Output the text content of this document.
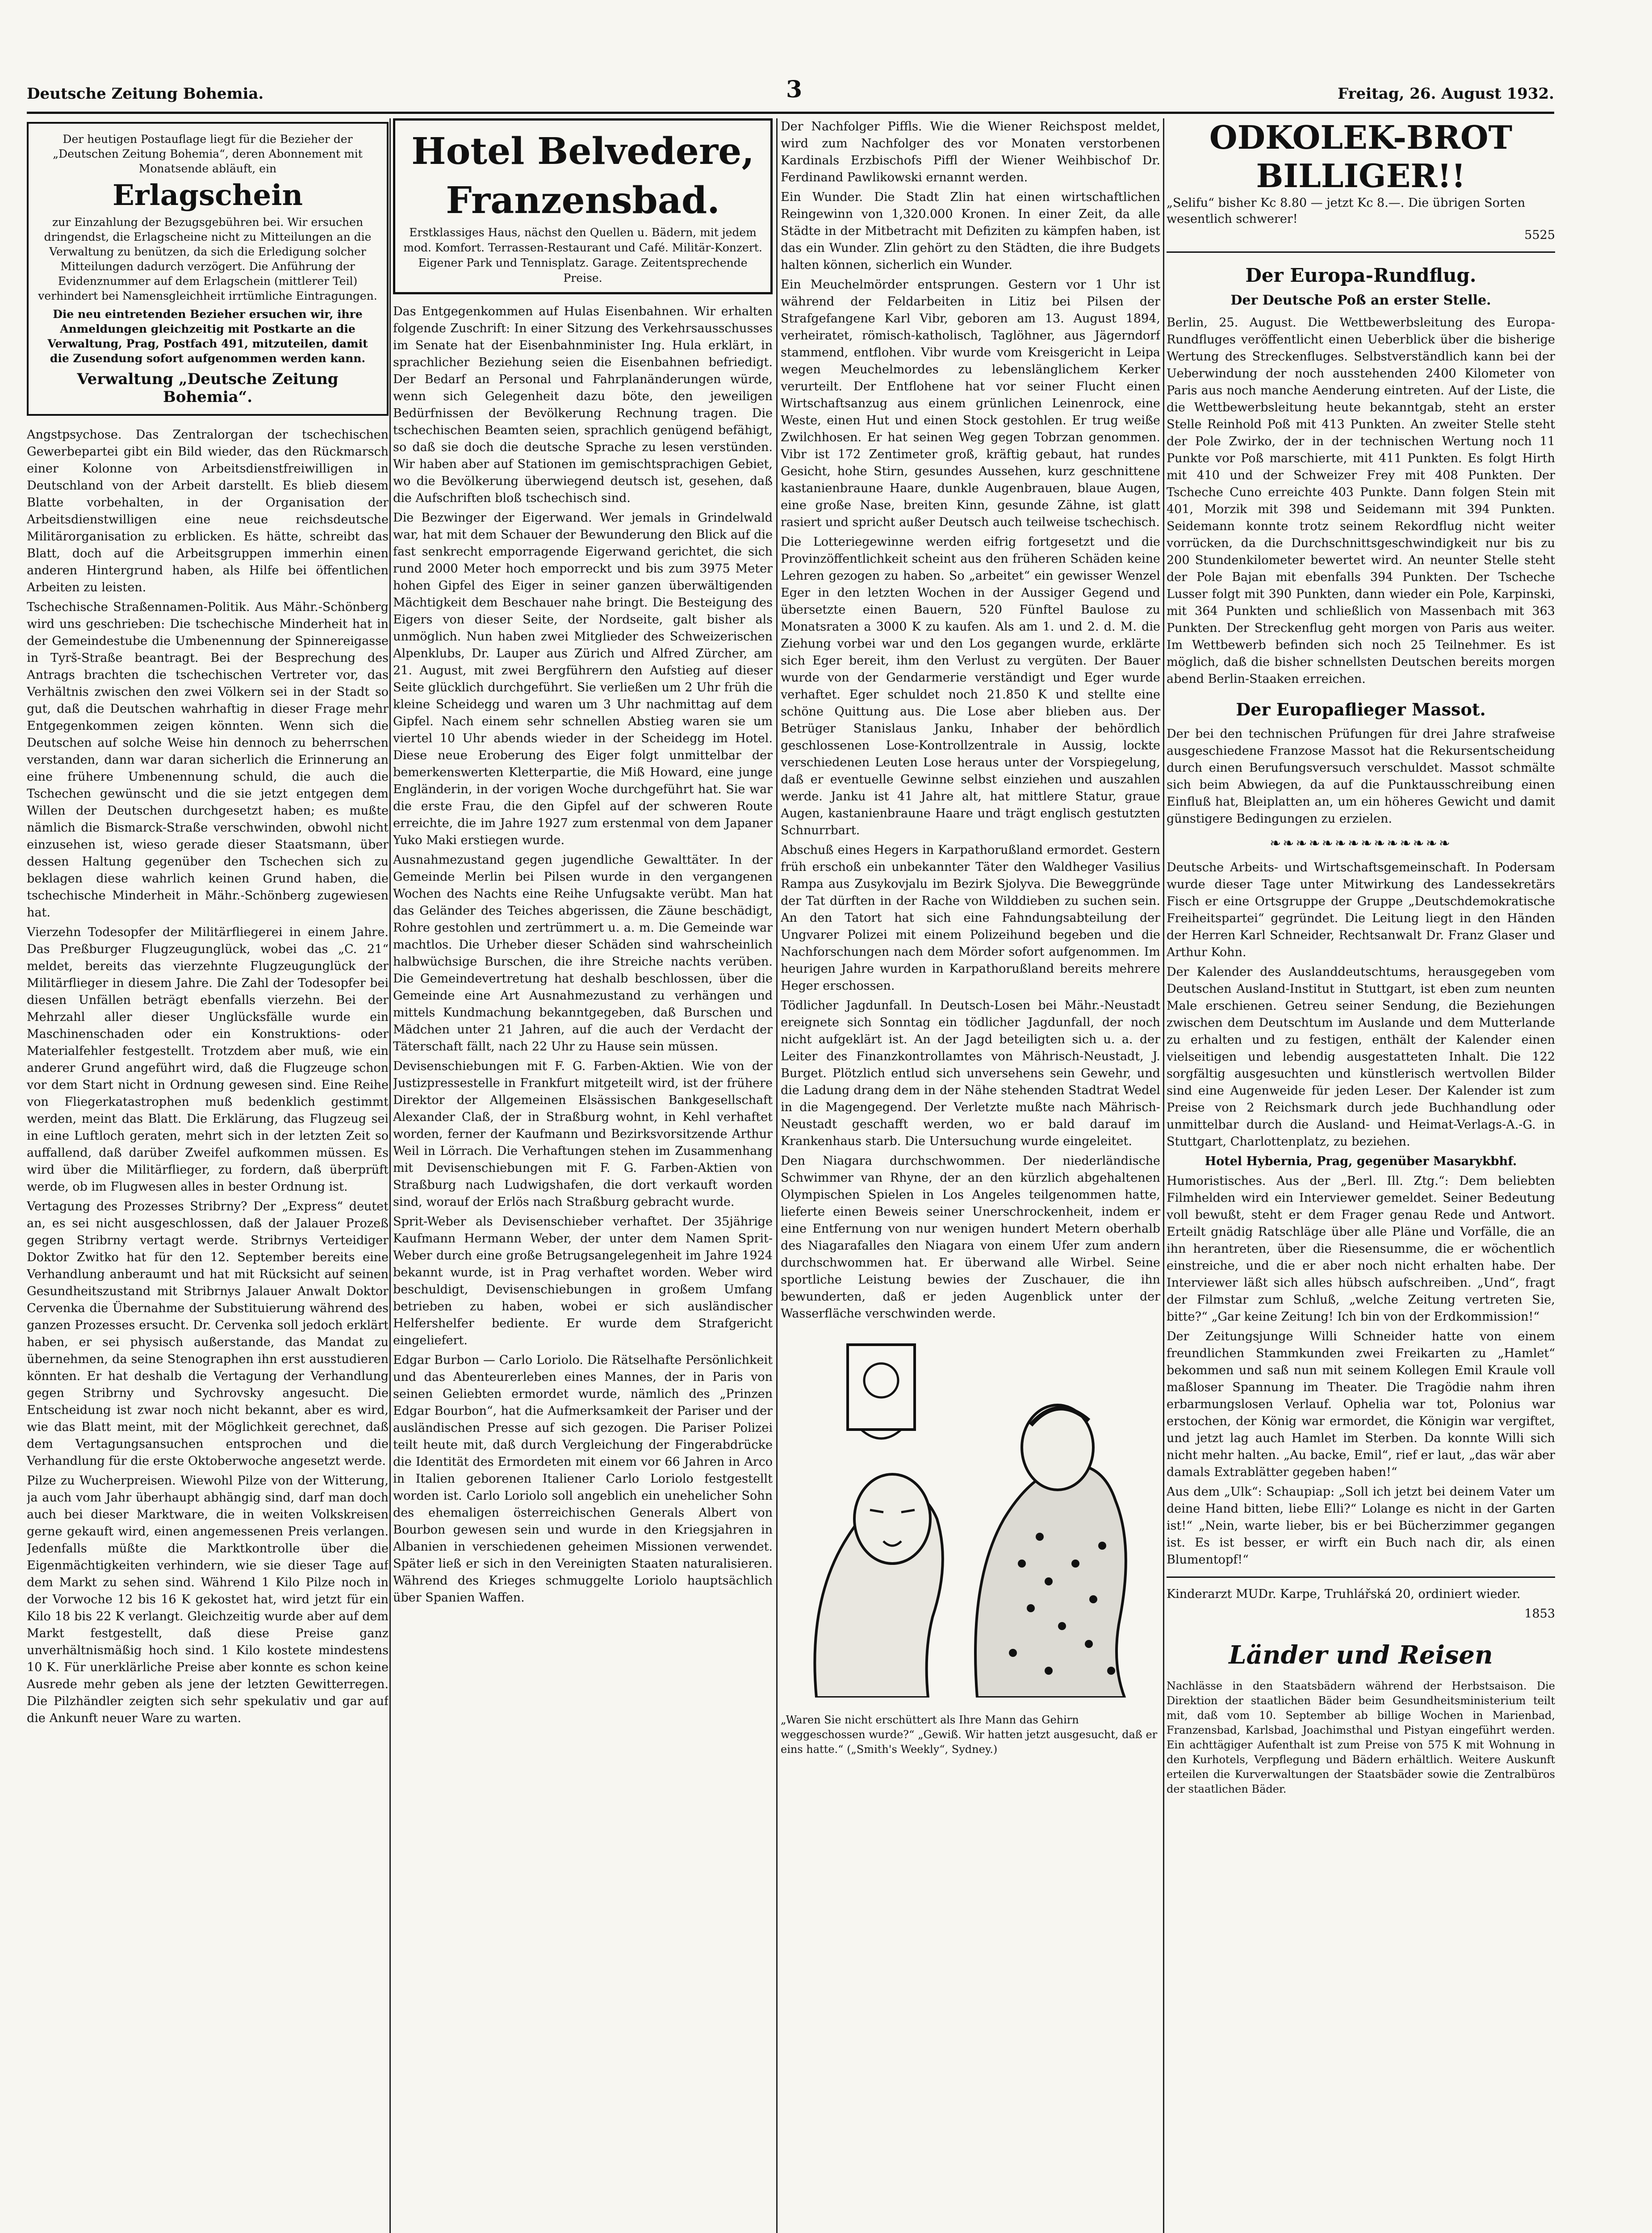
Deutsche Zeitung Bohemia.	3	Freitag, 26. August 1932.
Der heutigen Postauflage liegt für die Bezieher der „Deutschen Zeitung Bohemia“, deren Abonnement mit Monatsende abläuft, ein
Erlagschein
zur Einzahlung der Bezugsgebühren bei. Wir ersuchen dringendst, die Erlagscheine nicht zu Mitteilungen an die Verwaltung zu benützen, da sich die Erledigung solcher Mitteilungen dadurch verzögert. Die Anführung der Evidenznummer auf dem Erlagschein (mittlerer Teil) verhindert bei Namensgleichheit irrtümliche Eintragungen.
Die neu eintretenden Bezieher ersuchen wir, ihre Anmeldungen gleichzeitig mit Postkarte an die Verwaltung, Prag, Postfach 491, mitzuteilen, damit die Zusendung sofort aufgenommen werden kann.
Verwaltung „Deutsche Zeitung Bohemia“.

Angstpsychose. Das Zentralorgan der tschechischen Gewerbepartei gibt ein Bild wieder, das den Rückmarsch einer Kolonne von Arbeitsdienstfreiwilligen in Deutschland von der Arbeit darstellt. Es blieb diesem Blatte vorbehalten, in der Organisation der Arbeitsdienstwilligen eine neue reichsdeutsche Militärorganisation zu erblicken. Es hätte, schreibt das Blatt, doch auf die Arbeitsgruppen immerhin einen anderen Hintergrund haben, als Hilfe bei öffentlichen Arbeiten zu leisten.

Tschechische Straßennamen-Politik. Aus Mähr.-Schönberg wird uns geschrieben: Die tschechische Minderheit hat in der Gemeindestube die Umbenennung der Spinnereigasse in Tyrš-Straße beantragt. Bei der Besprechung des Antrags brachten die tschechischen Vertreter vor, das Verhältnis zwischen den zwei Völkern sei in der Stadt so gut, daß die Deutschen wahrhaftig in dieser Frage mehr Entgegenkommen zeigen könnten. Wenn sich die Deutschen auf solche Weise hin dennoch zu beherrschen verstanden, dann war daran sicherlich die Erinnerung an eine frühere Umbenennung schuld, die auch die Tschechen gewünscht und die sie jetzt entgegen dem Willen der Deutschen durchgesetzt haben; es mußte nämlich die Bismarck-Straße verschwinden, obwohl nicht einzusehen ist, wieso gerade dieser Staatsmann, über dessen Haltung gegenüber den Tschechen sich zu beklagen diese wahrlich keinen Grund haben, die tschechische Minderheit in Mähr.-Schönberg zugewiesen hat.

Vierzehn Todesopfer der Militärfliegerei in einem Jahre. Das Preßburger Flugzeugunglück, wobei das „C. 21“ meldet, bereits das vierzehnte Flugzeugunglück der Militärflieger in diesem Jahre. Die Zahl der Todesopfer bei diesen Unfällen beträgt ebenfalls vierzehn. Bei der Mehrzahl aller dieser Unglücksfälle wurde ein Maschinenschaden oder ein Konstruktions- oder Materialfehler festgestellt. Trotzdem aber muß, wie ein anderer Grund angeführt wird, daß die Flugzeuge schon vor dem Start nicht in Ordnung gewesen sind. Eine Reihe von Fliegerkatastrophen muß bedenklich gestimmt werden, meint das Blatt. Die Erklärung, das Flugzeug sei in eine Luftloch geraten, mehrt sich in der letzten Zeit so auffallend, daß darüber Zweifel aufkommen müssen. Es wird über die Militärflieger, zu fordern, daß überprüft werde, ob im Flugwesen alles in bester Ordnung ist.

Vertagung des Prozesses Stribrny? Der „Express“ deutet an, es sei nicht ausgeschlossen, daß der Jalauer Prozeß gegen Stribrny vertagt werde. Stribrnys Verteidiger Doktor Zwitko hat für den 12. September bereits eine Verhandlung anberaumt und hat mit Rücksicht auf seinen Gesundheitszustand mit Stribrnys Jalauer Anwalt Doktor Cervenka die Übernahme der Substituierung während des ganzen Prozesses ersucht. Dr. Cervenka soll jedoch erklärt haben, er sei physisch außerstande, das Mandat zu übernehmen, da seine Stenographen ihn erst ausstudieren könnten. Er hat deshalb die Vertagung der Verhandlung gegen Stribrny und Sychrovsky angesucht. Die Entscheidung ist zwar noch nicht bekannt, aber es wird, wie das Blatt meint, mit der Möglichkeit gerechnet, daß dem Vertagungsansuchen entsprochen und die Verhandlung für die erste Oktoberwoche angesetzt werde.

Pilze zu Wucherpreisen. Wiewohl Pilze von der Witterung, ja auch vom Jahr überhaupt abhängig sind, darf man doch auch bei dieser Marktware, die in weiten Volkskreisen gerne gekauft wird, einen angemessenen Preis verlangen. Jedenfalls müßte die Marktkontrolle über die Eigenmächtigkeiten verhindern, wie sie dieser Tage auf dem Markt zu sehen sind. Während 1 Kilo Pilze noch in der Vorwoche 12 bis 16 K gekostet hat, wird jetzt für ein Kilo 18 bis 22 K verlangt. Gleichzeitig wurde aber auf dem Markt festgestellt, daß diese Preise ganz unverhältnismäßig hoch sind. 1 Kilo kostete mindestens 10 K. Für unerklärliche Preise aber konnte es schon keine Ausrede mehr geben als jene der letzten Gewitterregen. Die Pilzhändler zeigten sich sehr spekulativ und gar auf die Ankunft neuer Ware zu warten.

Hotel Belvedere, Franzensbad.
Erstklassiges Haus, nächst den Quellen u. Bädern, mit jedem mod. Komfort. Terrassen-Restaurant und Café. Militär-Konzert. Eigener Park und Tennisplatz. Garage. Zeitentsprechende Preise.

Das Entgegenkommen auf Hulas Eisenbahnen. Wir erhalten folgende Zuschrift: In einer Sitzung des Verkehrsausschusses im Senate hat der Eisenbahnminister Ing. Hula erklärt, in sprachlicher Beziehung seien die Eisenbahnen befriedigt. Der Bedarf an Personal und Fahrplanänderungen würde, wenn sich Gelegenheit dazu böte, den jeweiligen Bedürfnissen der Bevölkerung Rechnung tragen. Die tschechischen Beamten seien, sprachlich genügend befähigt, so daß sie doch die deutsche Sprache zu lesen verstünden. Wir haben aber auf Stationen im gemischtsprachigen Gebiet, wo die Bevölkerung überwiegend deutsch ist, gesehen, daß die Aufschriften bloß tschechisch sind.

Die Bezwinger der Eigerwand. Wer jemals in Grindelwald war, hat mit dem Schauer der Bewunderung den Blick auf die fast senkrecht emporragende Eigerwand gerichtet, die sich rund 2000 Meter hoch emporreckt und bis zum 3975 Meter hohen Gipfel des Eiger in seiner ganzen überwältigenden Mächtigkeit dem Beschauer nahe bringt. Die Besteigung des Eigers von dieser Seite, der Nordseite, galt bisher als unmöglich. Nun haben zwei Mitglieder des Schweizerischen Alpenklubs, Dr. Lauper aus Zürich und Alfred Zürcher, am 21. August, mit zwei Bergführern den Aufstieg auf dieser Seite glücklich durchgeführt. Sie verließen um 2 Uhr früh die kleine Scheidegg und waren um 3 Uhr nachmittag auf dem Gipfel. Nach einem sehr schnellen Abstieg waren sie um viertel 10 Uhr abends wieder in der Scheidegg im Hotel. Diese neue Eroberung des Eiger folgt unmittelbar der bemerkenswerten Kletterpartie, die Miß Howard, eine junge Engländerin, in der vorigen Woche durchgeführt hat. Sie war die erste Frau, die den Gipfel auf der schweren Route erreichte, die im Jahre 1927 zum erstenmal von dem Japaner Yuko Maki erstiegen wurde.

Ausnahmezustand gegen jugendliche Gewalttäter. In der Gemeinde Merlin bei Pilsen wurde in den vergangenen Wochen des Nachts eine Reihe Unfugsakte verübt. Man hat das Geländer des Teiches abgerissen, die Zäune beschädigt, Rohre gestohlen und zertrümmert u. a. m. Die Gemeinde war machtlos. Die Urheber dieser Schäden sind wahrscheinlich halbwüchsige Burschen, die ihre Streiche nachts verüben. Die Gemeindevertretung hat deshalb beschlossen, über die Gemeinde eine Art Ausnahmezustand zu verhängen und mittels Kundmachung bekanntgegeben, daß Burschen und Mädchen unter 21 Jahren, auf die auch der Verdacht der Täterschaft fällt, nach 22 Uhr zu Hause sein müssen.

Devisenschiebungen mit F. G. Farben-Aktien. Wie von der Justizpressestelle in Frankfurt mitgeteilt wird, ist der frühere Direktor der Allgemeinen Elsässischen Bankgesellschaft Alexander Claß, der in Straßburg wohnt, in Kehl verhaftet worden, ferner der Kaufmann und Bezirksvorsitzende Arthur Weil in Lörrach. Die Verhaftungen stehen im Zusammenhang mit Devisenschiebungen mit F. G. Farben-Aktien von Straßburg nach Ludwigshafen, die dort verkauft worden sind, worauf der Erlös nach Straßburg gebracht wurde.

Sprit-Weber als Devisenschieber verhaftet. Der 35jährige Kaufmann Hermann Weber, der unter dem Namen Sprit-Weber durch eine große Betrugsangelegenheit im Jahre 1924 bekannt wurde, ist in Prag verhaftet worden. Weber wird beschuldigt, Devisenschiebungen in großem Umfang betrieben zu haben, wobei er sich ausländischer Helfershelfer bediente. Er wurde dem Strafgericht eingeliefert.

Edgar Burbon — Carlo Loriolo. Die Rätselhafte Persönlichkeit und das Abenteurerleben eines Mannes, der in Paris von seinen Geliebten ermordet wurde, nämlich des „Prinzen Edgar Bourbon“, hat die Aufmerksamkeit der Pariser und der ausländischen Presse auf sich gezogen. Die Pariser Polizei teilt heute mit, daß durch Vergleichung der Fingerabdrücke die Identität des Ermordeten mit einem vor 66 Jahren in Arco in Italien geborenen Italiener Carlo Loriolo festgestellt worden ist. Carlo Loriolo soll angeblich ein unehelicher Sohn des ehemaligen österreichischen Generals Albert von Bourbon gewesen sein und wurde in den Kriegsjahren in Albanien in verschiedenen geheimen Missionen verwendet. Später ließ er sich in den Vereinigten Staaten naturalisieren. Während des Krieges schmuggelte Loriolo hauptsächlich über Spanien Waffen.

Der Nachfolger Piffls. Wie die Wiener Reichspost meldet, wird zum Nachfolger des vor Monaten verstorbenen Kardinals Erzbischofs Piffl der Wiener Weihbischof Dr. Ferdinand Pawlikowski ernannt werden.

Ein Wunder. Die Stadt Zlin hat einen wirtschaftlichen Reingewinn von 1,320.000 Kronen. In einer Zeit, da alle Städte in der Mitbetracht mit Defiziten zu kämpfen haben, ist das ein Wunder. Zlin gehört zu den Städten, die ihre Budgets halten können, sicherlich ein Wunder.

Ein Meuchelmörder entsprungen. Gestern vor 1 Uhr ist während der Feldarbeiten in Litiz bei Pilsen der Strafgefangene Karl Vibr, geboren am 13. August 1894, verheiratet, römisch-katholisch, Taglöhner, aus Jägerndorf stammend, entflohen. Vibr wurde vom Kreisgericht in Leipa wegen Meuchelmordes zu lebenslänglichem Kerker verurteilt. Der Entflohene hat vor seiner Flucht einen Wirtschaftsanzug aus einem grünlichen Leinenrock, eine Weste, einen Hut und einen Stock gestohlen. Er trug weiße Zwilchhosen. Er hat seinen Weg gegen Tobrzan genommen. Vibr ist 172 Zentimeter groß, kräftig gebaut, hat rundes Gesicht, hohe Stirn, gesundes Aussehen, kurz geschnittene kastanienbraune Haare, dunkle Augenbrauen, blaue Augen, eine große Nase, breiten Kinn, gesunde Zähne, ist glatt rasiert und spricht außer Deutsch auch teilweise tschechisch.

Die Lotteriegewinne werden eifrig fortgesetzt und die Provinzöffentlichkeit scheint aus den früheren Schäden keine Lehren gezogen zu haben. So „arbeitet“ ein gewisser Wenzel Eger in den letzten Wochen in der Aussiger Gegend und übersetzte einen Bauern, 520 Fünftel Baulose zu Monatsraten a 3000 K zu kaufen. Als am 1. und 2. d. M. die Ziehung vorbei war und den Los gegangen wurde, erklärte sich Eger bereit, ihm den Verlust zu vergüten. Der Bauer wurde von der Gendarmerie verständigt und Eger wurde verhaftet. Eger schuldet noch 21.850 K und stellte eine schöne Quittung aus. Die Lose aber blieben aus. Der Betrüger Stanislaus Janku, Inhaber der behördlich geschlossenen Lose-Kontrollzentrale in Aussig, lockte verschiedenen Leuten Lose heraus unter der Vorspiegelung, daß er eventuelle Gewinne selbst einziehen und auszahlen werde. Janku ist 41 Jahre alt, hat mittlere Statur, graue Augen, kastanienbraune Haare und trägt englisch gestutzten Schnurrbart.

Abschuß eines Hegers in Karpathorußland ermordet. Gestern früh erschoß ein unbekannter Täter den Waldheger Vasilius Rampa aus Zusykovjalu im Bezirk Sjolyva. Die Beweggründe der Tat dürften in der Rache von Wilddieben zu suchen sein. An den Tatort hat sich eine Fahndungsabteilung der Ungvarer Polizei mit einem Polizeihund begeben und die Nachforschungen nach dem Mörder sofort aufgenommen. Im heurigen Jahre wurden in Karpathorußland bereits mehrere Heger erschossen.

Tödlicher Jagdunfall. In Deutsch-Losen bei Mähr.-Neustadt ereignete sich Sonntag ein tödlicher Jagdunfall, der noch nicht aufgeklärt ist. An der Jagd beteiligten sich u. a. der Leiter des Finanzkontrollamtes von Mährisch-Neustadt, J. Burget. Plötzlich entlud sich unversehens sein Gewehr, und die Ladung drang dem in der Nähe stehenden Stadtrat Wedel in die Magengegend. Der Verletzte mußte nach Mährisch-Neustadt geschafft werden, wo er bald darauf im Krankenhaus starb. Die Untersuchung wurde eingeleitet.

Den Niagara durchschwommen. Der niederländische Schwimmer van Rhyne, der an den kürzlich abgehaltenen Olympischen Spielen in Los Angeles teilgenommen hatte, lieferte einen Beweis seiner Unerschrockenheit, indem er eine Entfernung von nur wenigen hundert Metern oberhalb des Niagarafalles den Niagara von einem Ufer zum andern durchschwommen hat. Er überwand alle Wirbel. Seine sportliche Leistung bewies der Zuschauer, die ihn bewunderten, daß er jeden Augenblick unter der Wasserfläche verschwinden werde.

„Waren Sie nicht erschüttert als Ihre Mann das Gehirn weggeschossen wurde?“ „Gewiß. Wir hatten jetzt ausgesucht, daß er eins hatte.“ („Smith's Weekly“, Sydney.)

ODKOLEK-BROT BILLIGER!!
„Selifu“ bisher Kc 8.80 — jetzt Kc 8.—. Die übrigen Sorten wesentlich schwerer!
5525
Der Europa-Rundflug.
Der Deutsche Poß an erster Stelle.

Berlin, 25. August. Die Wettbewerbsleitung des Europa-Rundfluges veröffentlicht einen Ueberblick über die bisherige Wertung des Streckenfluges. Selbstverständlich kann bei der Ueberwindung der noch ausstehenden 2400 Kilometer von Paris aus noch manche Aenderung eintreten. Auf der Liste, die die Wettbewerbsleitung heute bekanntgab, steht an erster Stelle Reinhold Poß mit 413 Punkten. An zweiter Stelle steht der Pole Zwirko, der in der technischen Wertung noch 11 Punkte vor Poß marschierte, mit 411 Punkten. Es folgt Hirth mit 410 und der Schweizer Frey mit 408 Punkten. Der Tscheche Cuno erreichte 403 Punkte. Dann folgen Stein mit 401, Morzik mit 398 und Seidemann mit 394 Punkten. Seidemann konnte trotz seinem Rekordflug nicht weiter vorrücken, da die Durchschnittsgeschwindigkeit nur bis zu 200 Stundenkilometer bewertet wird. An neunter Stelle steht der Pole Bajan mit ebenfalls 394 Punkten. Der Tscheche Lusser folgt mit 390 Punkten, dann wieder ein Pole, Karpinski, mit 364 Punkten und schließlich von Massenbach mit 363 Punkten. Der Streckenflug geht morgen von Paris aus weiter. Im Wettbewerb befinden sich noch 25 Teilnehmer. Es ist möglich, daß die bisher schnellsten Deutschen bereits morgen abend Berlin-Staaken erreichen.

Der Europaflieger Massot.

Der bei den technischen Prüfungen für drei Jahre strafweise ausgeschiedene Franzose Massot hat die Rekursentscheidung durch einen Berufungsversuch verschuldet. Massot schmälte sich beim Abwiegen, da auf die Punktausschreibung einen Einfluß hat, Bleiplatten an, um ein höheres Gewicht und damit günstigere Bedingungen zu erzielen.

❧❧❧❧❧❧❧❧❧❧❧❧❧❧

Deutsche Arbeits- und Wirtschaftsgemeinschaft. In Podersam wurde dieser Tage unter Mitwirkung des Landessekretärs Fisch er eine Ortsgruppe der Gruppe „Deutschdemokratische Freiheitspartei“ gegründet. Die Leitung liegt in den Händen der Herren Karl Schneider, Rechtsanwalt Dr. Franz Glaser und Arthur Kohn.

Der Kalender des Auslanddeutschtums, herausgegeben vom Deutschen Ausland-Institut in Stuttgart, ist eben zum neunten Male erschienen. Getreu seiner Sendung, die Beziehungen zwischen dem Deutschtum im Auslande und dem Mutterlande zu erhalten und zu festigen, enthält der Kalender einen vielseitigen und lebendig ausgestatteten Inhalt. Die 122 sorgfältig ausgesuchten und künstlerisch wertvollen Bilder sind eine Augenweide für jeden Leser. Der Kalender ist zum Preise von 2 Reichsmark durch jede Buchhandlung oder unmittelbar durch die Ausland- und Heimat-Verlags-A.-G. in Stuttgart, Charlottenplatz, zu beziehen.

Hotel Hybernia, Prag, gegenüber Masarykbhf.

Humoristisches. Aus der „Berl. Ill. Ztg.“: Dem beliebten Filmhelden wird ein Interviewer gemeldet. Seiner Bedeutung voll bewußt, steht er dem Frager genau Rede und Antwort. Erteilt gnädig Ratschläge über alle Pläne und Vorfälle, die an ihn herantreten, über die Riesensumme, die er wöchentlich einstreiche, und die er aber noch nicht erhalten habe. Der Interviewer läßt sich alles hübsch aufschreiben. „Und“, fragt der Filmstar zum Schluß, „welche Zeitung vertreten Sie, bitte?“ „Gar keine Zeitung! Ich bin von der Erdkommission!“

Der Zeitungsjunge Willi Schneider hatte von einem freundlichen Stammkunden zwei Freikarten zu „Hamlet“ bekommen und saß nun mit seinem Kollegen Emil Kraule voll maßloser Spannung im Theater. Die Tragödie nahm ihren erbarmungslosen Verlauf. Ophelia war tot, Polonius war erstochen, der König war ermordet, die Königin war vergiftet, und jetzt lag auch Hamlet im Sterben. Da konnte Willi sich nicht mehr halten. „Au backe, Emil“, rief er laut, „das wär aber damals Extrablätter gegeben haben!“

Aus dem „Ulk“: Schaupiap: „Soll ich jetzt bei deinem Vater um deine Hand bitten, liebe Elli?“ Lolange es nicht in der Garten ist!“ „Nein, warte lieber, bis er bei Bücherzimmer gegangen ist. Es ist besser, er wirft ein Buch nach dir, als einen Blumentopf!“

Kinderarzt MUDr. Karpe, Truhlářská 20, ordiniert wieder.

1853

Länder und Reisen

Nachlässe in den Staatsbädern während der Herbstsaison. Die Direktion der staatlichen Bäder beim Gesundheitsministerium teilt mit, daß vom 10. September ab billige Wochen in Marienbad, Franzensbad, Karlsbad, Joachimsthal und Pistyan eingeführt werden. Ein achttägiger Aufenthalt ist zum Preise von 575 K mit Wohnung in den Kurhotels, Verpflegung und Bädern erhältlich. Weitere Auskunft erteilen die Kurverwaltungen der Staatsbäder sowie die Zentralbüros der staatlichen Bäder.
